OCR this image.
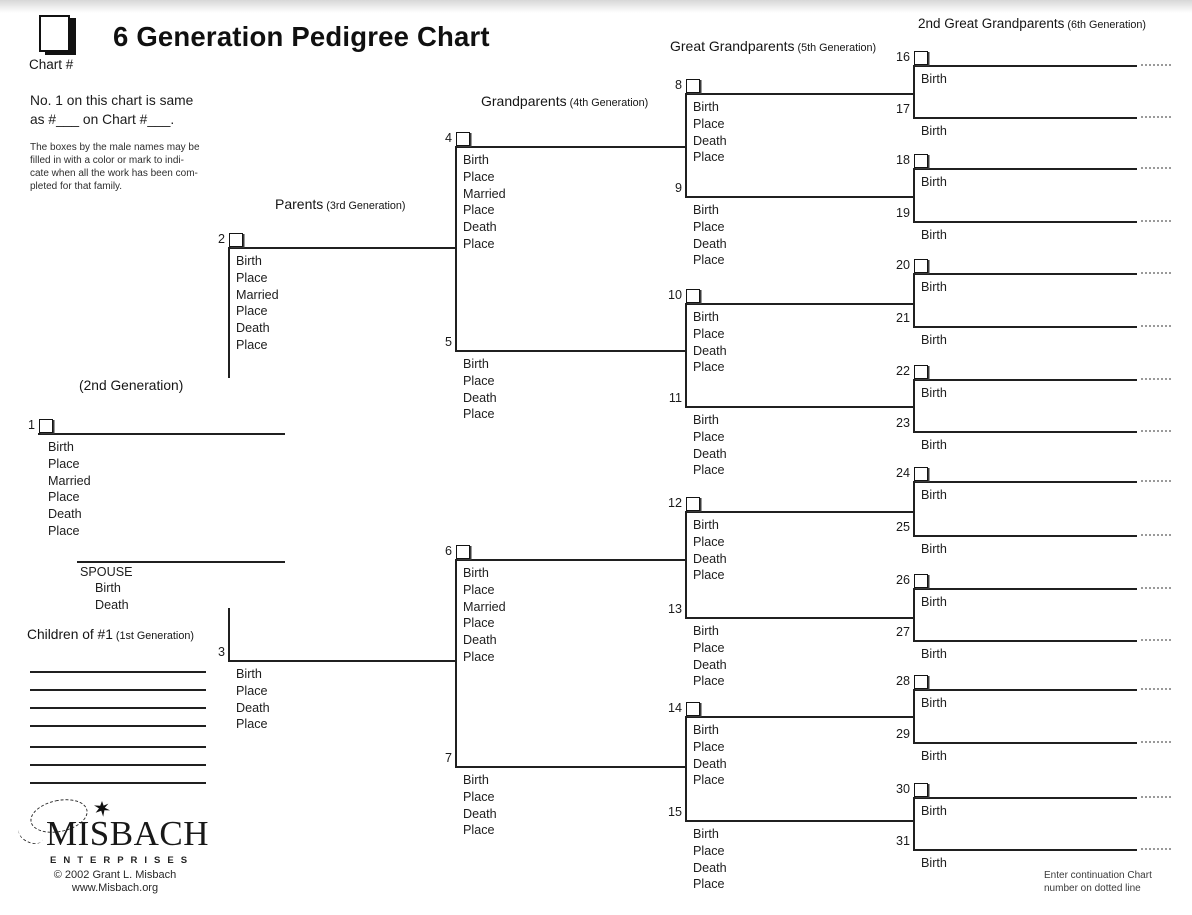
Chart #
6 Generation Pedigree Chart
No. 1 on this chart is same
as #___ on Chart #___.
The boxes by the male names may be
filled in with a color or mark to indi-
cate when all the work has been com-
pleted for that family.
2nd Great Grandparents (6th Generation)
Great Grandparents (5th Generation)
Grandparents (4th Generation)
Parents (3rd Generation)
(2nd Generation)
Children of #1 (1st Generation)
SPOUSE
Birth
Death
1
Birth
Place
Married
Place
Death
Place
2
Birth
Place
Married
Place
Death
Place
3
Birth
Place
Death
Place
4
Birth
Place
Married
Place
Death
Place
5
Birth
Place
Death
Place
6
Birth
Place
Married
Place
Death
Place
7
Birth
Place
Death
Place
8
Birth
Place
Death
Place
9
Birth
Place
Death
Place
10
Birth
Place
Death
Place
11
Birth
Place
Death
Place
12
Birth
Place
Death
Place
13
Birth
Place
Death
Place
14
Birth
Place
Death
Place
15
Birth
Place
Death
Place
16
Birth
17
Birth
18
Birth
19
Birth
20
Birth
21
Birth
22
Birth
23
Birth
24
Birth
25
Birth
26
Birth
27
Birth
28
Birth
29
Birth
30
Birth
31
Birth
Enter continuation Chart
number on dotted line
MISBACH
ENTERPRISES
© 2002 Grant L. Misbach
www.Misbach.org
